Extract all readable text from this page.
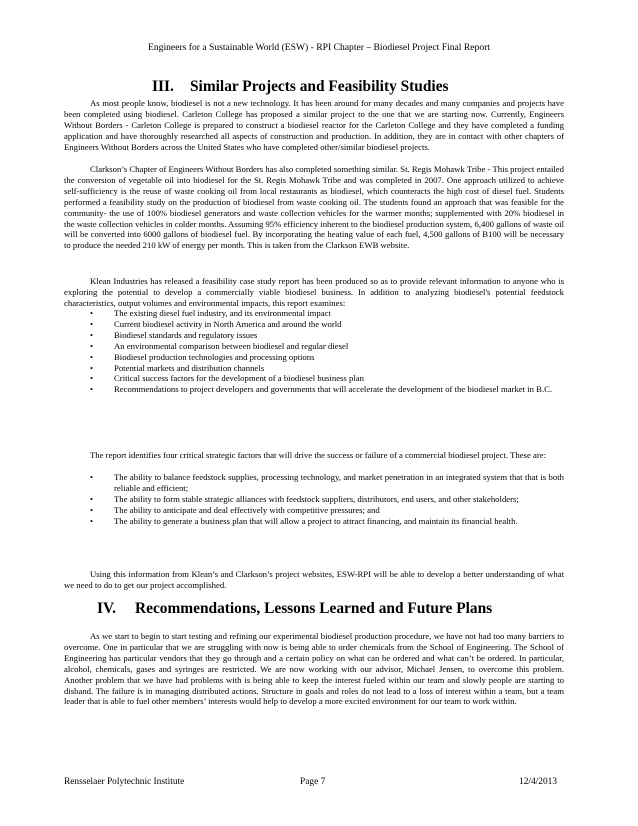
Engineers for a Sustainable World (ESW) - RPI Chapter – Biodiesel Project Final Report
III. Similar Projects and Feasibility Studies

As most people know, biodiesel is not a new technology. It has been around for many decades and many companies and projects have been completed using biodiesel. Carleton College has proposed a similar project to the one that we are starting now. Currently, Engineers Without Borders - Carleton College is prepared to construct a biodiesel reactor for the Carleton College and they have completed a funding application and have thoroughly researched all aspects of construction and production. In addition, they are in contact with other chapters of Engineers Without Borders across the United States who have completed other/similar biodiesel projects.

Clarkson’s Chapter of Engineers Without Borders has also completed something similar. St. Regis Mohawk Tribe - This project entailed the conversion of vegetable oil into biodiesel for the St. Regis Mohawk Tribe and was completed in 2007. One approach utilized to achieve self-sufficiency is the reuse of waste cooking oil from local restaurants as biodiesel, which counteracts the high cost of diesel fuel. Students performed a feasibility study on the production of biodiesel from waste cooking oil. The students found an approach that was feasible for the community- the use of 100% biodiesel generators and waste collection vehicles for the warmer months; supplemented with 20% biodiesel in the waste collection vehicles in colder months. Assuming 95% efficiency inherent to the biodiesel production system, 6,400 gallons of waste oil will be converted into 6000 gallons of biodiesel fuel. By incorporating the heating value of each fuel, 4,500 gallons of B100 will be necessary to produce the needed 210 kW of energy per month. This is taken from the Clarkson EWB website.

Klean Industries has released a feasibility case study report has been produced so as to provide relevant information to anyone who is exploring the potential to develop a commercially viable biodiesel business. In addition to analyzing biodiesel's potential feedstock characteristics, output volumes and environmental impacts, this report examines:

• The existing diesel fuel industry, and its environmental impact
• Current biodiesel activity in North America and around the world
• Biodiesel standards and regulatory issues
• An environmental comparison between biodiesel and regular diesel
• Biodiesel production technologies and processing options
• Potential markets and distribution channels
• Critical success factors for the development of a biodiesel business plan
• Recommendations to project developers and governments that will accelerate the development of the biodiesel market in B.C.

The report identifies four critical strategic factors that will drive the success or failure of a commercial biodiesel project. These are:

• The ability to balance feedstock supplies, processing technology, and market penetration in an integrated system that that is both reliable and efficient;
• The ability to form stable strategic alliances with feedstock suppliers, distributors, end users, and other stakeholders;
• The ability to anticipate and deal effectively with competitive pressures; and
• The ability to generate a business plan that will allow a project to attract financing, and maintain its financial health.

Using this information from Klean’s and Clarkson’s project websites, ESW-RPI will be able to develop a better understanding of what we need to do to get our project accomplished.

IV. Recommendations, Lessons Learned and Future Plans

As we start to begin to start testing and refining our experimental biodiesel production procedure, we have not had too many barriers to overcome. One in particular that we are struggling with now is being able to order chemicals from the School of Engineering. The School of Engineering has particular vendors that they go through and a certain policy on what can be ordered and what can’t be ordered. In particular, alcohol, chemicals, gases and syringes are restricted. We are now working with our advisor, Michael Jensen, to overcome this problem. Another problem that we have had problems with is being able to keep the interest fueled within our team and slowly people are starting to disband. The failure is in managing distributed actions. Structure in goals and roles do not lead to a loss of interest within a team, but a team leader that is able to fuel other members’ interests would help to develop a more excited environment for our team to work within.

Rensselaer Polytechnic Institute	Page 7	12/4/2013
